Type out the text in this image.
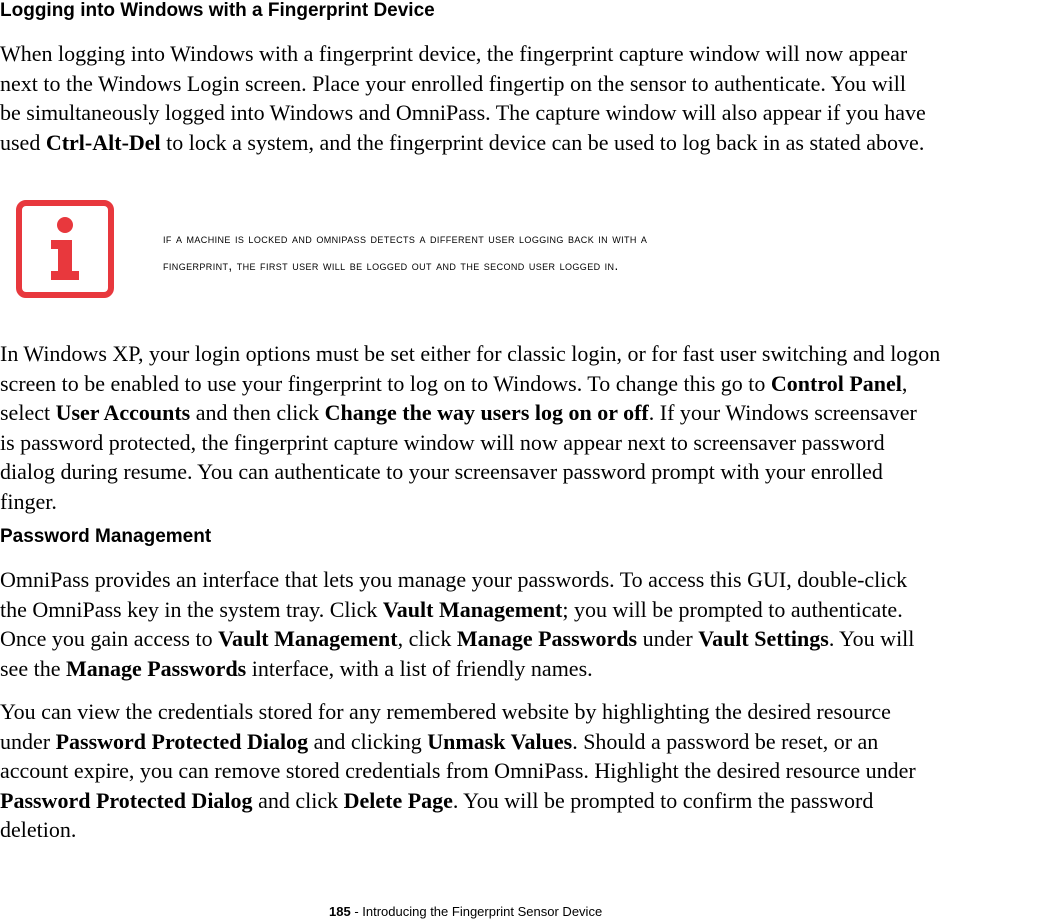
Logging into Windows with a Fingerprint Device
When logging into Windows with a fingerprint device, the fingerprint capture window will now appear
next to the Windows Login screen. Place your enrolled fingertip on the sensor to authenticate. You will
be simultaneously logged into Windows and OmniPass. The capture window will also appear if you have
used Ctrl-Alt-Del to lock a system, and the fingerprint device can be used to log back in as stated above.
if a machine is locked and omnipass detects a different user logging back in with a
fingerprint, the first user will be logged out and the second user logged in.
In Windows XP, your login options must be set either for classic login, or for fast user switching and logon
screen to be enabled to use your fingerprint to log on to Windows. To change this go to Control Panel,
select User Accounts and then click Change the way users log on or off. If your Windows screensaver
is password protected, the fingerprint capture window will now appear next to screensaver password
dialog during resume. You can authenticate to your screensaver password prompt with your enrolled
finger.
Password Management
OmniPass provides an interface that lets you manage your passwords. To access this GUI, double-click
the OmniPass key in the system tray. Click Vault Management; you will be prompted to authenticate.
Once you gain access to Vault Management, click Manage Passwords under Vault Settings. You will
see the Manage Passwords interface, with a list of friendly names.
You can view the credentials stored for any remembered website by highlighting the desired resource
under Password Protected Dialog and clicking Unmask Values. Should a password be reset, or an
account expire, you can remove stored credentials from OmniPass. Highlight the desired resource under
Password Protected Dialog and click Delete Page. You will be prompted to confirm the password
deletion.
185 - Introducing the Fingerprint Sensor Device
